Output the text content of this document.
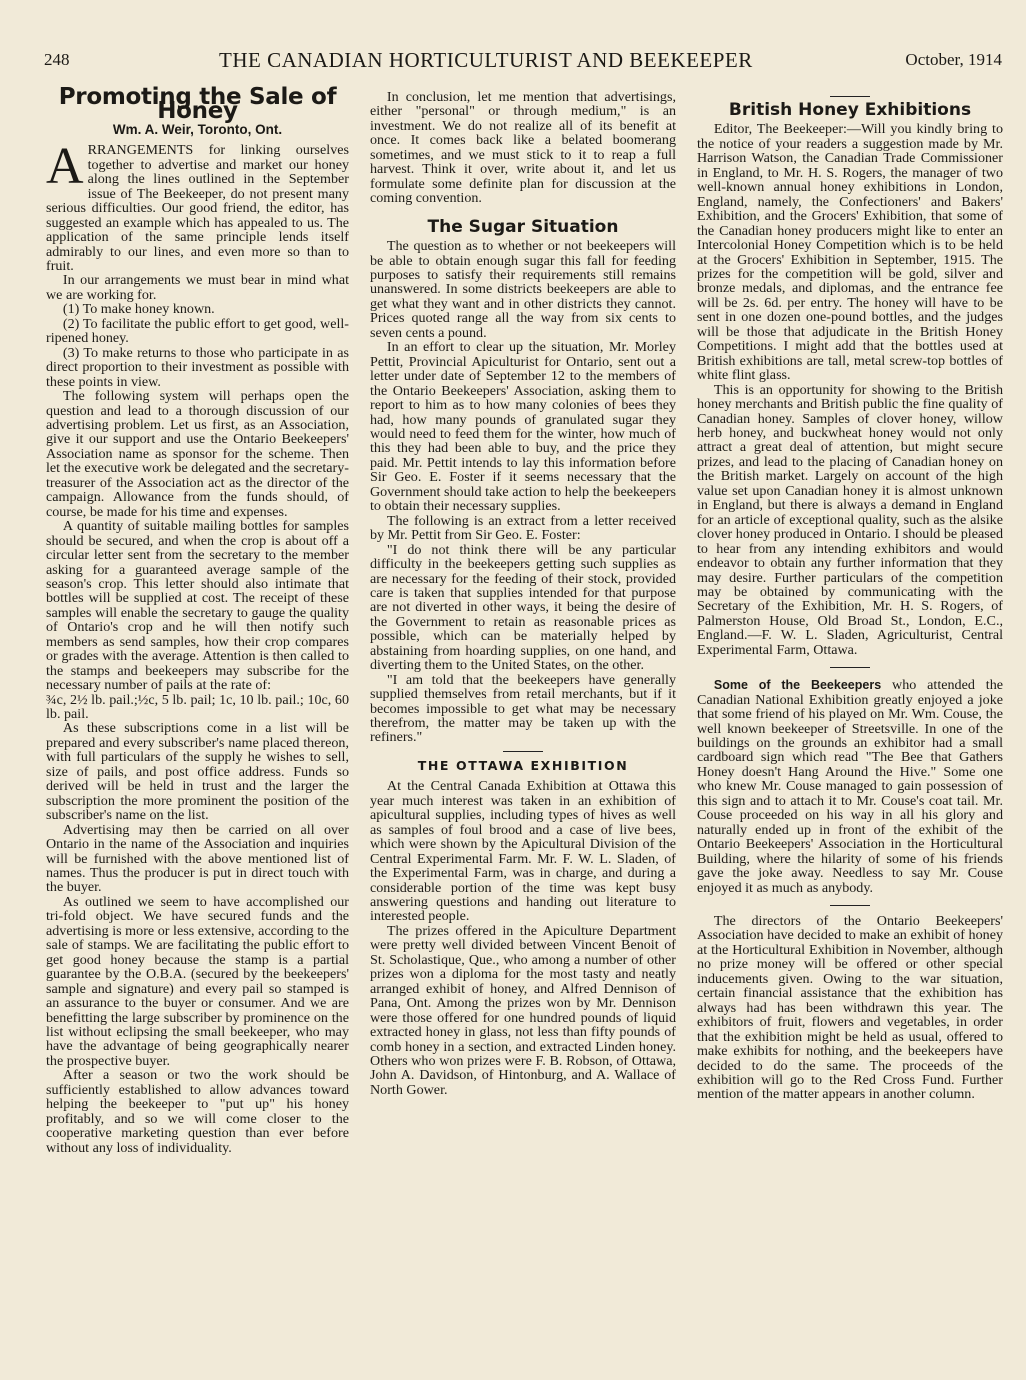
248	THE CANADIAN HORTICULTURIST AND BEEKEEPER	October, 1914
Promoting the Sale of Honey
Wm. A. Weir, Toronto, Ont.

ARRANGEMENTS for linking ourselves together to advertise and market our honey along the lines outlined in the September issue of The Beekeeper, do not present many serious difficulties. Our good friend, the editor, has suggested an example which has appealed to us. The application of the same principle lends itself admirably to our lines, and even more so than to fruit.

In our arrangements we must bear in mind what we are working for.

(1) To make honey known.

(2) To facilitate the public effort to get good, well-ripened honey.

(3) To make returns to those who participate in as direct proportion to their investment as possible with these points in view.

The following system will perhaps open the question and lead to a thorough discussion of our advertising problem. Let us first, as an Association, give it our support and use the Ontario Beekeepers' Association name as sponsor for the scheme. Then let the executive work be delegated and the secretary-treasurer of the Association act as the director of the campaign. Allowance from the funds should, of course, be made for his time and expenses.

A quantity of suitable mailing bottles for samples should be secured, and when the crop is about off a circular letter sent from the secretary to the member asking for a guaranteed average sample of the season's crop. This letter should also intimate that bottles will be supplied at cost. The receipt of these samples will enable the secretary to gauge the quality of Ontario's crop and he will then notify such members as send samples, how their crop compares or grades with the average. Attention is then called to the stamps and beekeepers may subscribe for the necessary number of pails at the rate of:

¾c, 2½ lb. pail.;½c, 5 lb. pail; 1c, 10 lb. pail.; 10c, 60 lb. pail.

As these subscriptions come in a list will be prepared and every subscriber's name placed thereon, with full particulars of the supply he wishes to sell, size of pails, and post office address. Funds so derived will be held in trust and the larger the subscription the more prominent the position of the subscriber's name on the list.

Advertising may then be carried on all over Ontario in the name of the Association and inquiries will be furnished with the above mentioned list of names. Thus the producer is put in direct touch with the buyer.

As outlined we seem to have accomplished our tri-fold object. We have secured funds and the advertising is more or less extensive, according to the sale of stamps. We are facilitating the public effort to get good honey because the stamp is a partial guarantee by the O.B.A. (secured by the beekeepers' sample and signature) and every pail so stamped is an assurance to the buyer or consumer. And we are benefitting the large subscriber by prominence on the list without eclipsing the small beekeeper, who may have the advantage of being geographically nearer the prospective buyer.

After a season or two the work should be sufficiently established to allow advances toward helping the beekeeper to "put up" his honey profitably, and so we will come closer to the cooperative marketing question than ever before without any loss of individuality.

In conclusion, let me mention that advertisings, either "personal" or through medium," is an investment. We do not realize all of its benefit at once. It comes back like a belated boomerang sometimes, and we must stick to it to reap a full harvest. Think it over, write about it, and let us formulate some definite plan for discussion at the coming convention.

The Sugar Situation

The question as to whether or not beekeepers will be able to obtain enough sugar this fall for feeding purposes to satisfy their requirements still remains unanswered. In some districts beekeepers are able to get what they want and in other districts they cannot. Prices quoted range all the way from six cents to seven cents a pound.

In an effort to clear up the situation, Mr. Morley Pettit, Provincial Apiculturist for Ontario, sent out a letter under date of September 12 to the members of the Ontario Beekeepers' Association, asking them to report to him as to how many colonies of bees they had, how many pounds of granulated sugar they would need to feed them for the winter, how much of this they had been able to buy, and the price they paid. Mr. Pettit intends to lay this information before Sir Geo. E. Foster if it seems necessary that the Government should take action to help the beekeepers to obtain their necessary supplies.

The following is an extract from a letter received by Mr. Pettit from Sir Geo. E. Foster:

"I do not think there will be any particular difficulty in the beekeepers getting such supplies as are necessary for the feeding of their stock, provided care is taken that supplies intended for that purpose are not diverted in other ways, it being the desire of the Government to retain as reasonable prices as possible, which can be materially helped by abstaining from hoarding supplies, on one hand, and diverting them to the United States, on the other.

"I am told that the beekeepers have generally supplied themselves from retail merchants, but if it becomes impossible to get what may be necessary therefrom, the matter may be taken up with the refiners."

THE OTTAWA EXHIBITION

At the Central Canada Exhibition at Ottawa this year much interest was taken in an exhibition of apicultural supplies, including types of hives as well as samples of foul brood and a case of live bees, which were shown by the Apicultural Division of the Central Experimental Farm. Mr. F. W. L. Sladen, of the Experimental Farm, was in charge, and during a considerable portion of the time was kept busy answering questions and handing out literature to interested people.

The prizes offered in the Apiculture Department were pretty well divided between Vincent Benoit of St. Scholastique, Que., who among a number of other prizes won a diploma for the most tasty and neatly arranged exhibit of honey, and Alfred Dennison of Pana, Ont. Among the prizes won by Mr. Dennison were those offered for one hundred pounds of liquid extracted honey in glass, not less than fifty pounds of comb honey in a section, and extracted Linden honey. Others who won prizes were F. B. Robson, of Ottawa, John A. Davidson, of Hintonburg, and A. Wallace of North Gower.

British Honey Exhibitions

Editor, The Beekeeper:—Will you kindly bring to the notice of your readers a suggestion made by Mr. Harrison Watson, the Canadian Trade Commissioner in England, to Mr. H. S. Rogers, the manager of two well-known annual honey exhibitions in London, England, namely, the Confectioners' and Bakers' Exhibition, and the Grocers' Exhibition, that some of the Canadian honey producers might like to enter an Intercolonial Honey Competition which is to be held at the Grocers' Exhibition in September, 1915. The prizes for the competition will be gold, silver and bronze medals, and diplomas, and the entrance fee will be 2s. 6d. per entry. The honey will have to be sent in one dozen one-pound bottles, and the judges will be those that adjudicate in the British Honey Competitions. I might add that the bottles used at British exhibitions are tall, metal screw-top bottles of white flint glass.

This is an opportunity for showing to the British honey merchants and British public the fine quality of Canadian honey. Samples of clover honey, willow herb honey, and buckwheat honey would not only attract a great deal of attention, but might secure prizes, and lead to the placing of Canadian honey on the British market. Largely on account of the high value set upon Canadian honey it is almost unknown in England, but there is always a demand in England for an article of exceptional quality, such as the alsike clover honey produced in Ontario. I should be pleased to hear from any intending exhibitors and would endeavor to obtain any further information that they may desire. Further particulars of the competition may be obtained by communicating with the Secretary of the Exhibition, Mr. H. S. Rogers, of Palmerston House, Old Broad St., London, E.C., England.—F. W. L. Sladen, Agriculturist, Central Experimental Farm, Ottawa.

Some of the Beekeepers who attended the Canadian National Exhibition greatly enjoyed a joke that some friend of his played on Mr. Wm. Couse, the well known beekeeper of Streetsville. In one of the buildings on the grounds an exhibitor had a small cardboard sign which read "The Bee that Gathers Honey doesn't Hang Around the Hive." Some one who knew Mr. Couse managed to gain possession of this sign and to attach it to Mr. Couse's coat tail. Mr. Couse proceeded on his way in all his glory and naturally ended up in front of the exhibit of the Ontario Beekeepers' Association in the Horticultural Building, where the hilarity of some of his friends gave the joke away. Needless to say Mr. Couse enjoyed it as much as anybody.

The directors of the Ontario Beekeepers' Association have decided to make an exhibit of honey at the Horticultural Exhibition in November, although no prize money will be offered or other special inducements given. Owing to the war situation, certain financial assistance that the exhibition has always had has been withdrawn this year. The exhibitors of fruit, flowers and vegetables, in order that the exhibition might be held as usual, offered to make exhibits for nothing, and the beekeepers have decided to do the same. The proceeds of the exhibition will go to the Red Cross Fund. Further mention of the matter appears in another column.
